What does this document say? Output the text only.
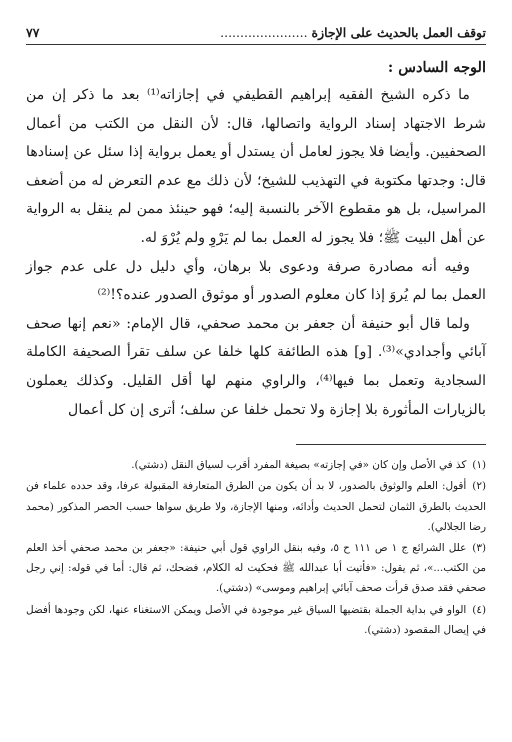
توقف العمل بالحديث على الإجازة .....
٧٧
الوجه السادس :

ما ذكره الشيخ الفقيه إبراهيم القطيفي في إجازاته⁽¹⁾ بعد ما ذكر إن من شرط الاجتهاد إسناد الرواية واتصالها، قال: لأن النقل من الكتب من أعمال الصحفيين. وأيضا فلا يجوز لعامل أن يستدل أو يعمل برواية إذا سئل عن إسنادها قال: وجدتها مكتوبة في التهذيب للشيخ؛ لأن ذلك مع عدم التعرض له من أضعف المراسيل، بل هو مقطوع الآخر بالنسبة إليه؛ فهو حينئذ ممن لم ينقل به الرواية عن أهل البيت ﷺ؛ فلا يجوز له العمل بما لم يَرْوِ ولم يُرْوَ له.

وفيه أنه مصادرة صرفة ودعوى بلا برهان، وأي دليل دل على عدم جواز العمل بما لم يُروَ إذا كان معلوم الصدور أو موثوق الصدور عنده؟!⁽²⁾

ولما قال أبو حنيفة أن جعفر بن محمد صحفي، قال الإمام: «نعم إنها صحف آبائي وأجدادي»⁽³⁾. [و] هذه الطائفة كلها خلفا عن سلف تقرأ الصحيفة الكاملة السجادية وتعمل بما فيها⁽⁴⁾، والراوي منهم لها أقل القليل. وكذلك يعملون بالزيارات المأثورة بلا إجازة ولا تحمل خلفا عن سلف؛ أترى إن كل أعمال

(١)كذ في الأصل وإن كان «في إجازته» بصيغة المفرد أقرب لسياق النقل (دشتي).

(٢)أقول: العلم والوثوق بالصدور، لا بد أن يكون من الطرق المتعارفة المقبولة عرفا، وقد حدده علماء فن الحديث بالطرق الثمان لتحمل الحديث وأدائه، ومنها الإجازة، ولا طريق سواها حسب الحصر المذكور (محمد رضا الجلالي).

(٣)علل الشرائع ج ١ ص ١١١ ح ٥، وفيه بنقل الراوي قول أبي حنيفة: «جعفر بن محمد صحفي أخذ العلم من الكتب...»، ثم يقول: «فأتيت أبا عبدالله ﷺ فحكيت له الكلام، فضحك، ثم قال: أما في قوله: إني رجل صحفي فقد صدق قرأت صحف آبائي إبراهيم وموسى» (دشتي).

(٤)الواو في بداية الجملة بقتضيها السياق غير موجودة في الأصل ويمكن الاستغناء عنها، لكن وجودها أفضل في إيصال المقصود (دشتي).
